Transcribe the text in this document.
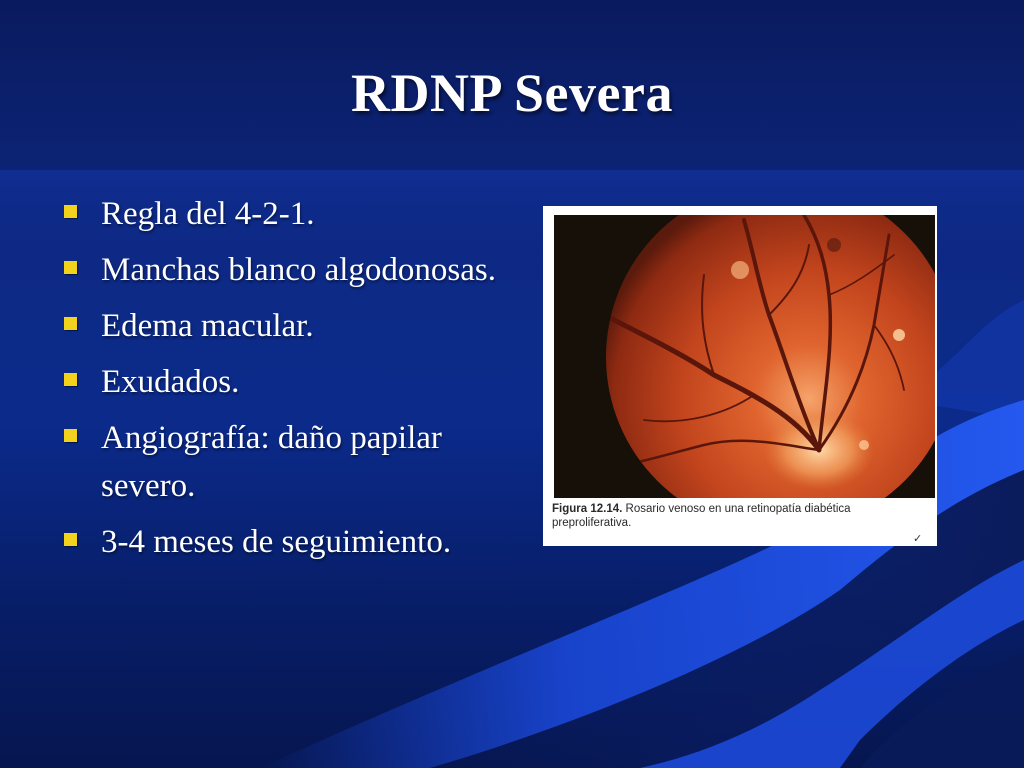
RDNP Severa
Regla del 4-2-1.
Manchas blanco algodonosas.
Edema macular.
Exudados.
Angiografía: daño papilar severo.
3-4 meses de seguimiento.
Figura 12.14. Rosario venoso en una retinopatía diabética preproliferativa.
✓
